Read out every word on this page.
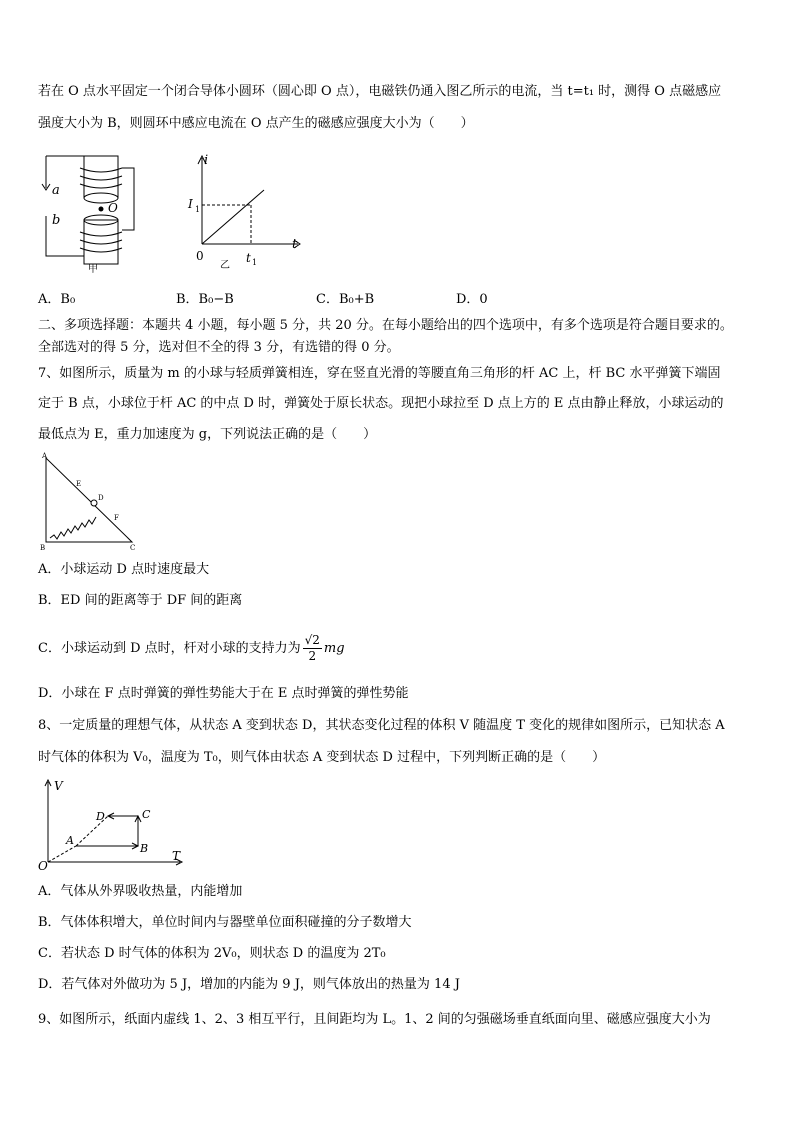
若在 O 点水平固定一个闭合导体小圆环（圆心即 O 点），电磁铁仍通入图乙所示的电流，当 t=t₁ 时，测得 O 点磁感应
强度大小为 B，则圆环中感应电流在 O 点产生的磁感应强度大小为（　　）
a
b
O
甲
i
t
0
I 1
t 1
乙
A．B₀	B．B₀−B	C．B₀+B	D．0
二、多项选择题：本题共 4 小题，每小题 5 分，共 20 分。在每小题给出的四个选项中，有多个选项是符合题目要求的。
全部选对的得 5 分，选对但不全的得 3 分，有选错的得 0 分。
7、如图所示，质量为 m 的小球与轻质弹簧相连，穿在竖直光滑的等腰直角三角形的杆 AC 上，杆 BC 水平弹簧下端固
定于 B 点，小球位于杆 AC 的中点 D 时，弹簧处于原长状态。现把小球拉至 D 点上方的 E 点由静止释放，小球运动的
最低点为 E，重力加速度为 g，下列说法正确的是（　　）
A
B	C
D
E
F
A．小球运动 D 点时速度最大
B．ED 间的距离等于 DF 间的距离
C．小球运动到 D 点时，杆对小球的支持力为 $\frac{√2}{2}$ mg
D．小球在 F 点时弹簧的弹性势能大于在 E 点时弹簧的弹性势能
8、一定质量的理想气体，从状态 A 变到状态 D，其状态变化过程的体积 V 随温度 T 变化的规律如图所示，已知状态 A
时气体的体积为 V₀，温度为 T₀，则气体由状态 A 变到状态 D 过程中，下列判断正确的是（　　）
V
T
O
A
B
C
D
A．气体从外界吸收热量，内能增加
B．气体体积增大，单位时间内与器壁单位面积碰撞的分子数增大
C．若状态 D 时气体的体积为 2V₀，则状态 D 的温度为 2T₀
D．若气体对外做功为 5 J，增加的内能为 9 J，则气体放出的热量为 14 J
9、如图所示，纸面内虚线 1、2、3 相互平行，且间距均为 L。1、2 间的匀强磁场垂直纸面向里、磁感应强度大小为
